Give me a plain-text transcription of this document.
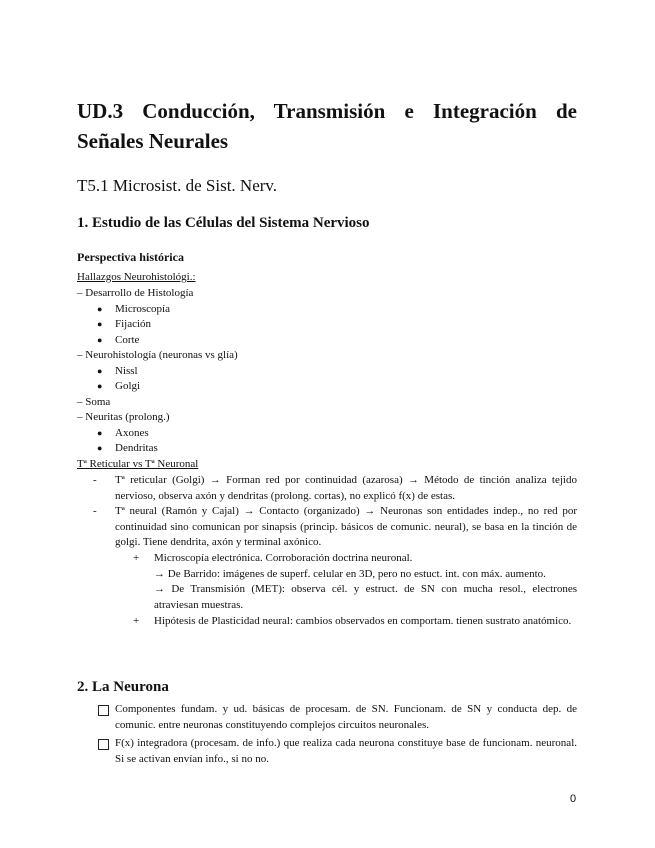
UD.3 Conducción, Transmisión e Integración de Señales Neurales
T5.1 Microsist. de Sist. Nerv.
1. Estudio de las Células del Sistema Nervioso
Perspectiva histórica
Hallazgos Neurohistológi.:
– Desarrollo de Histología
● Microscopía
● Fijación
● Corte
– Neurohistología (neuronas vs glía)
● Nissl
● Golgi
– Soma
– Neuritas (prolong.)
● Axones
● Dendritas
Tª Reticular vs Tª Neuronal
- Tª reticular (Golgi) → Forman red por continuidad (azarosa) → Método de tinción analiza tejido nervioso, observa axón y dendritas (prolong. cortas), no explicó f(x) de estas.
- Tª neural (Ramón y Cajal) → Contacto (organizado) → Neuronas son entidades indep., no red por continuidad sino comunican por sinapsis (princip. básicos de comunic. neural), se basa en la tinción de golgi. Tiene dendrita, axón y terminal axónico.
+ Microscopía electrónica. Corroboración doctrina neuronal.
→ De Barrido: imágenes de superf. celular en 3D, pero no estuct. int. con máx. aumento.
→ De Transmisión (MET): observa cél. y estruct. de SN con mucha resol., electrones atraviesan muestras.
+ Hipótesis de Plasticidad neural: cambios observados en comportam. tienen sustrato anatómico.
2. La Neurona
Componentes fundam. y ud. básicas de procesam. de SN. Funcionam. de SN y conducta dep. de comunic. entre neuronas constituyendo complejos circuitos neuronales.
F(x) integradora (procesam. de info.) que realiza cada neurona constituye base de funcionam. neuronal. Si se activan envían info., si no no.
0
